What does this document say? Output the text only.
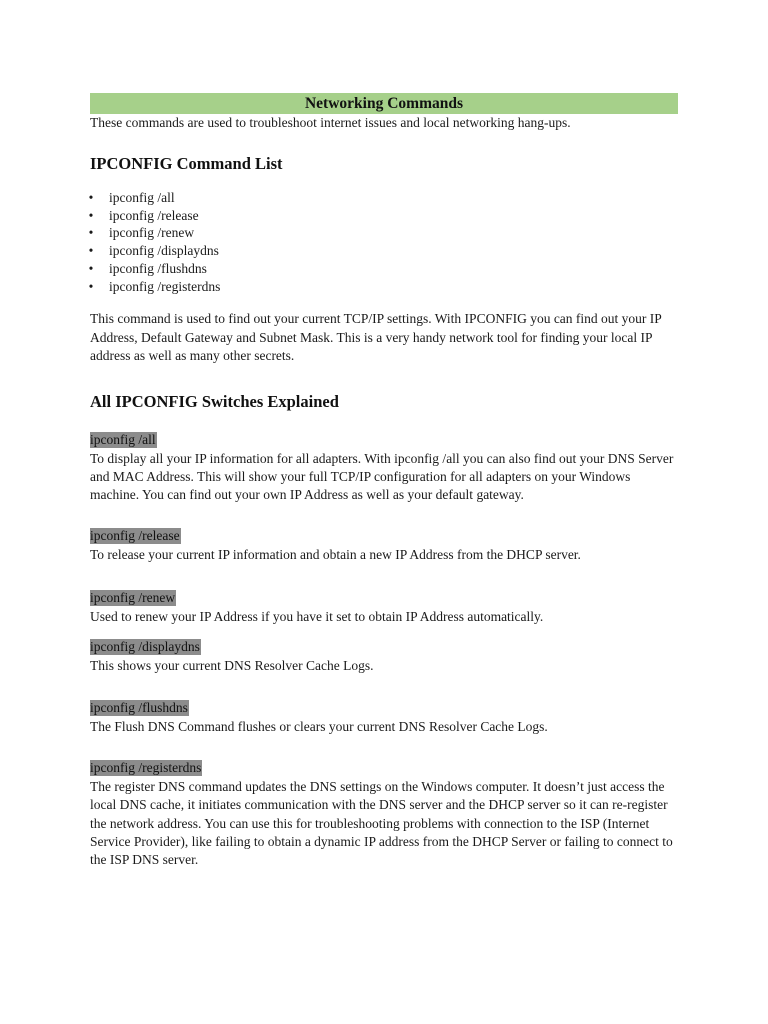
Networking Commands

These commands are used to troubleshoot internet issues and local networking hang-ups.

IPCONFIG Command List
• ipconfig /all
• ipconfig /release
• ipconfig /renew
• ipconfig /displaydns
• ipconfig /flushdns
• ipconfig /registerdns

This command is used to find out your current TCP/IP settings. With IPCONFIG you can find out your IP Address, Default Gateway and Subnet Mask. This is a very handy network tool for finding your local IP address as well as many other secrets.

All IPCONFIG Switches Explained
ipconfig /all

To display all your IP information for all adapters. With ipconfig /all you can also find out your DNS Server and MAC Address. This will show your full TCP/IP configuration for all adapters on your Windows machine. You can find out your own IP Address as well as your default gateway.

ipconfig /release

To release your current IP information and obtain a new IP Address from the DHCP server.

ipconfig /renew

Used to renew your IP Address if you have it set to obtain IP Address automatically.

ipconfig /displaydns

This shows your current DNS Resolver Cache Logs.

ipconfig /flushdns

The Flush DNS Command flushes or clears your current DNS Resolver Cache Logs.

ipconfig /registerdns

The register DNS command updates the DNS settings on the Windows computer. It doesn’t just access the local DNS cache, it initiates communication with the DNS server and the DHCP server so it can re-register the network address. You can use this for troubleshooting problems with connection to the ISP (Internet Service Provider), like failing to obtain a dynamic IP address from the DHCP Server or failing to connect to the ISP DNS server.
